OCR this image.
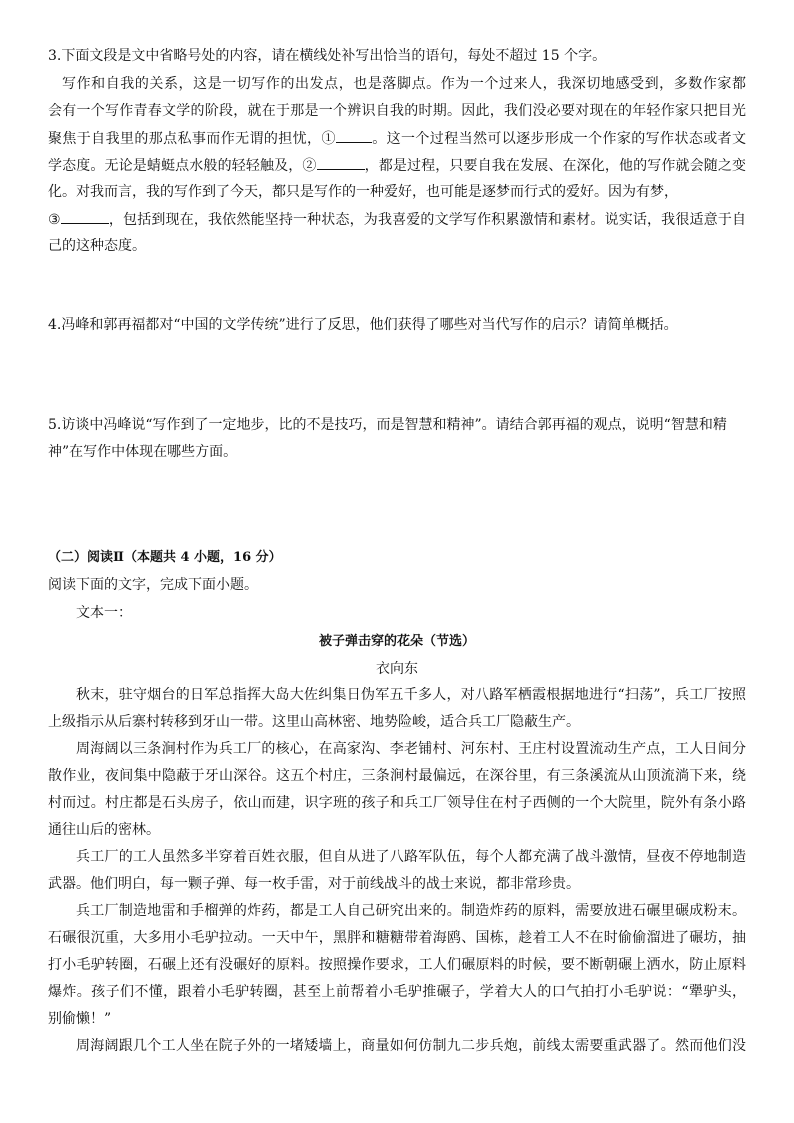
3.下面文段是文中省略号处的内容，请在横线处补写出恰当的语句，每处不超过 15 个字。
写作和自我的关系，这是一切写作的出发点，也是落脚点。作为一个过来人，我深切地感受到，多数作家都
会有一个写作青春文学的阶段，就在于那是一个辨识自我的时期。因此，我们没必要对现在的年轻作家只把目光
聚焦于自我里的那点私事而作无谓的担忧，①	。这一个过程当然可以逐步形成一个作家的写作状态或者文
学态度。无论是蜻蜓点水般的轻轻触及，②	，都是过程，只要自我在发展、在深化，他的写作就会随之变
化。对我而言，我的写作到了今天，都只是写作的一种爱好，也可能是逐梦而行式的爱好。因为有梦，
③	，包括到现在，我依然能坚持一种状态，为我喜爱的文学写作积累激情和素材。说实话，我很适意于自
己的这种态度。
4.冯峰和郭再福都对“中国的文学传统”进行了反思，他们获得了哪些对当代写作的启示？请简单概括。
5.访谈中冯峰说“写作到了一定地步，比的不是技巧，而是智慧和精神”。请结合郭再福的观点，说明“智慧和精
神”在写作中体现在哪些方面。
（二）阅读Ⅱ（本题共 4 小题，16 分）
阅读下面的文字，完成下面小题。
文本一：
被子弹击穿的花朵（节选）
衣向东
秋末，驻守烟台的日军总指挥大岛大佐纠集日伪军五千多人，对八路军栖霞根据地进行“扫荡”，兵工厂按照
上级指示从后寨村转移到牙山一带。这里山高林密、地势险峻，适合兵工厂隐蔽生产。
周海阔以三条涧村作为兵工厂的核心，在高家沟、李老铺村、河东村、王庄村设置流动生产点，工人日间分
散作业，夜间集中隐蔽于牙山深谷。这五个村庄，三条涧村最偏远，在深谷里，有三条溪流从山顶流淌下来，绕
村而过。村庄都是石头房子，依山而建，识字班的孩子和兵工厂领导住在村子西侧的一个大院里，院外有条小路
通往山后的密林。
兵工厂的工人虽然多半穿着百姓衣服，但自从进了八路军队伍，每个人都充满了战斗激情，昼夜不停地制造
武器。他们明白，每一颗子弹、每一枚手雷，对于前线战斗的战士来说，都非常珍贵。
兵工厂制造地雷和手榴弹的炸药，都是工人自己研究出来的。制造炸药的原料，需要放进石碾里碾成粉末。
石碾很沉重，大多用小毛驴拉动。一天中午，黑胖和糖糖带着海鸥、国栋，趁着工人不在时偷偷溜进了碾坊，抽
打小毛驴转圈，石碾上还有没碾好的原料。按照操作要求，工人们碾原料的时候，要不断朝碾上洒水，防止原料
爆炸。孩子们不懂，跟着小毛驴转圈，甚至上前帮着小毛驴推碾子，学着大人的口气拍打小毛驴说：“犟驴头，
别偷懒！”
周海阔跟几个工人坐在院子外的一堵矮墙上，商量如何仿制九二步兵炮，前线太需要重武器了。然而他们没
